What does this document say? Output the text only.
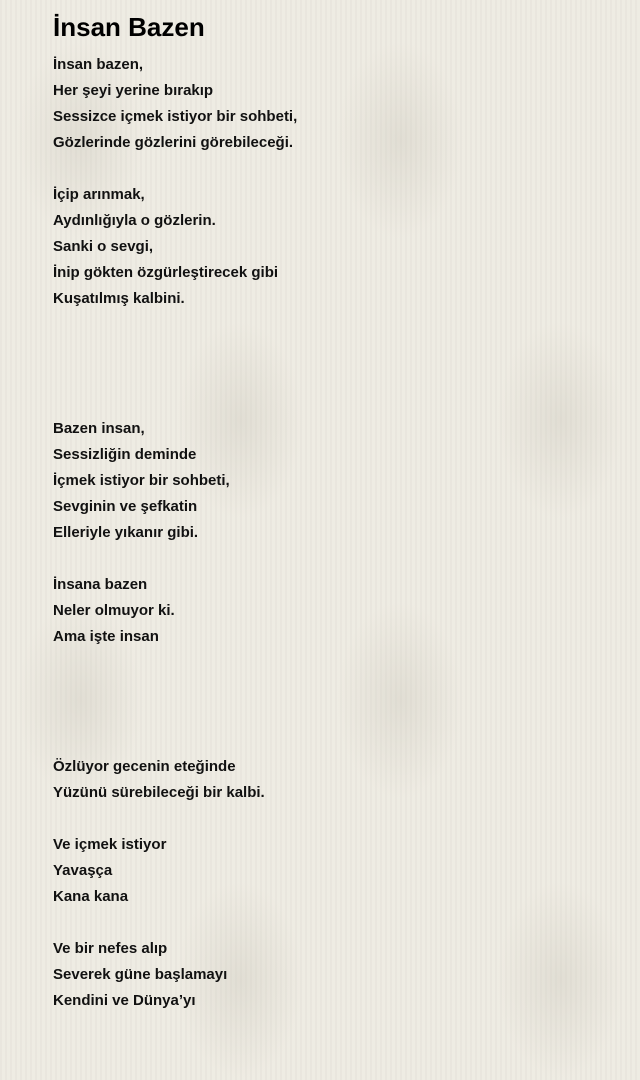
İnsan Bazen
İnsan bazen,
Her şeyi yerine bırakıp
Sessizce içmek istiyor bir sohbeti,
Gözlerinde gözlerini görebileceği.
İçip arınmak,
Aydınlığıyla o gözlerin.
Sanki o sevgi,
İnip gökten özgürleştirecek gibi
Kuşatılmış kalbini.
Bazen insan,
Sessizliğin deminde
İçmek istiyor bir sohbeti,
Sevginin ve şefkatin
Elleriyle yıkanır gibi.
İnsana bazen
Neler olmuyor ki.
Ama işte insan
Özlüyor gecenin eteğinde
Yüzünü sürebileceği bir kalbi.
Ve içmek istiyor
Yavaşça
Kana kana
Ve bir nefes alıp
Severek güne başlamayı
Kendini ve Dünya’yı
